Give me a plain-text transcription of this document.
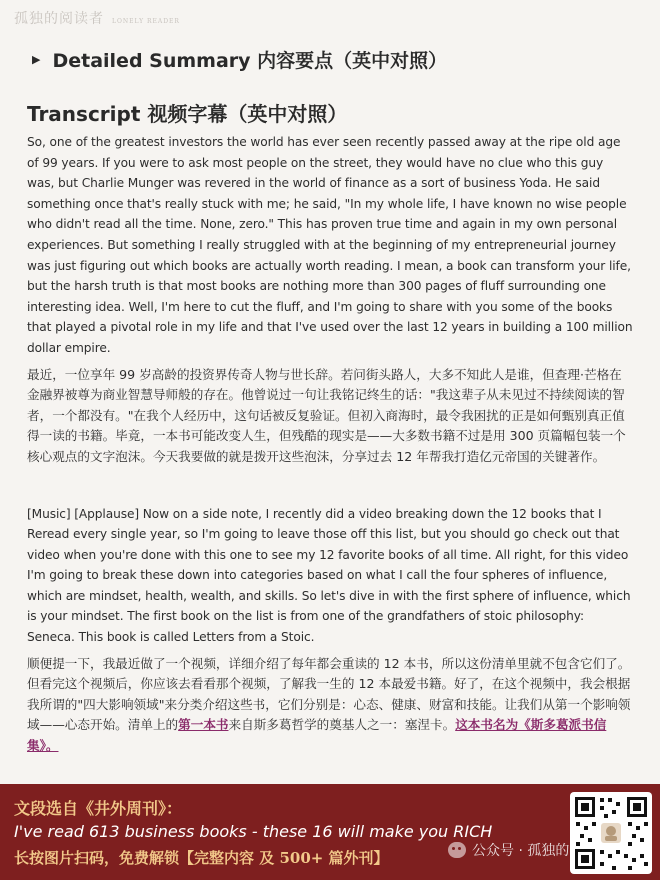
孤独的阅读者 LONELY READER
▶ Detailed Summary 内容要点（英中对照）
Transcript 视频字幕（英中对照）

So, one of the greatest investors the world has ever seen recently passed away at the ripe old age of 99 years. If you were to ask most people on the street, they would have no clue who this guy was, but Charlie Munger was revered in the world of finance as a sort of business Yoda. He said something once that's really stuck with me; he said, "In my whole life, I have known no wise people who didn't read all the time. None, zero." This has proven true time and again in my own personal experiences. But something I really struggled with at the beginning of my entrepreneurial journey was just figuring out which books are actually worth reading. I mean, a book can transform your life, but the harsh truth is that most books are nothing more than 300 pages of fluff surrounding one interesting idea. Well, I'm here to cut the fluff, and I'm going to share with you some of the books that played a pivotal role in my life and that I've used over the last 12 years in building a 100 million dollar empire.

最近，一位享年 99 岁高龄的投资界传奇人物与世长辞。若问街头路人，大多不知此人是谁，但查理·芒格在金融界被尊为商业智慧导师般的存在。他曾说过一句让我铭记终生的话："我这辈子从未见过不持续阅读的智者，一个都没有。"在我个人经历中，这句话被反复验证。但初入商海时，最令我困扰的正是如何甄别真正值得一读的书籍。毕竟，一本书可能改变人生，但残酷的现实是——大多数书籍不过是用 300 页篇幅包装一个核心观点的文字泡沫。今天我要做的就是拨开这些泡沫，分享过去 12 年帮我打造亿元帝国的关键著作。

[Music] [Applause] Now on a side note, I recently did a video breaking down the 12 books that I Reread every single year, so I'm going to leave those off this list, but you should go check out that video when you're done with this one to see my 12 favorite books of all time. All right, for this video I'm going to break these down into categories based on what I call the four spheres of influence, which are mindset, health, wealth, and skills. So let's dive in with the first sphere of influence, which is your mindset. The first book on the list is from one of the grandfathers of stoic philosophy: Seneca. This book is called Letters from a Stoic.

顺便提一下，我最近做了一个视频，详细介绍了每年都会重读的 12 本书，所以这份清单里就不包含它们了。但看完这个视频后，你应该去看看那个视频，了解我一生的 12 本最爱书籍。好了，在这个视频中，我会根据我所谓的"四大影响领域"来分类介绍这些书，它们分别是：心态、健康、财富和技能。让我们从第一个影响领域——心态开始。清单上的第一本书来自斯多葛哲学的奠基人之一：塞涅卡。这本书名为《斯多葛派书信集》。

文段选自《井外周刊》：
I've read 613 business books - these 16 will make you RICH
长按图片扫码，免费解锁【完整内容 及 500+ 篇外刊】	公众号 · 孤独的
